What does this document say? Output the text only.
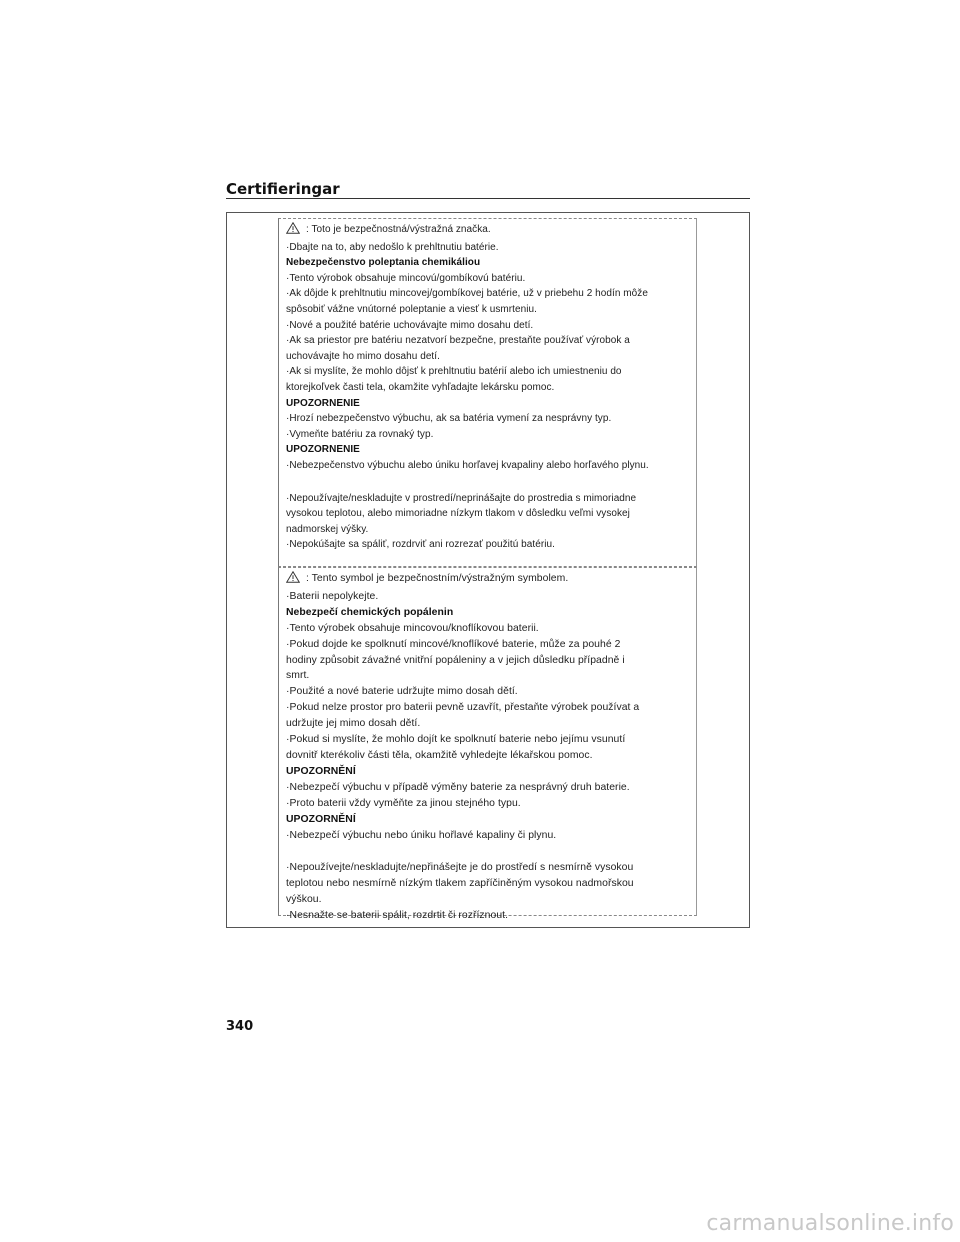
Certifieringar
: Toto je bezpečnostná/výstražná značka.
·Dbajte na to, aby nedošlo k prehltnutiu batérie.
Nebezpečenstvo poleptania chemikáliou
·Tento výrobok obsahuje mincovú/gombíkovú batériu.
·Ak dôjde k prehltnutiu mincovej/gombíkovej batérie, už v priebehu 2 hodín môže
spôsobiť vážne vnútorné poleptanie a viesť k usmrteniu.
·Nové a použité batérie uchovávajte mimo dosahu detí.
·Ak sa priestor pre batériu nezatvorí bezpečne, prestaňte používať výrobok a
uchovávajte ho mimo dosahu detí.
·Ak si myslíte, že mohlo dôjsť k prehltnutiu batérií alebo ich umiestneniu do
ktorejkoľvek časti tela, okamžite vyhľadajte lekársku pomoc.
UPOZORNENIE
·Hrozí nebezpečenstvo výbuchu, ak sa batéria vymení za nesprávny typ.
·Vymeňte batériu za rovnaký typ.
UPOZORNENIE
·Nebezpečenstvo výbuchu alebo úniku horľavej kvapaliny alebo horľavého plynu.
·Nepoužívajte/neskladujte v prostredí/neprinášajte do prostredia s mimoriadne
vysokou teplotou, alebo mimoriadne nízkym tlakom v dôsledku veľmi vysokej
nadmorskej výšky.
·Nepokúšajte sa spáliť, rozdrviť ani rozrezať použitú batériu.
: Tento symbol je bezpečnostním/výstražným symbolem.
·Baterii nepolykejte.
Nebezpečí chemických popálenin
·Tento výrobek obsahuje mincovou/knoflíkovou baterii.
·Pokud dojde ke spolknutí mincové/knoflíkové baterie, může za pouhé 2
hodiny způsobit závažné vnitřní popáleniny a v jejich důsledku případně i
smrt.
·Použité a nové baterie udržujte mimo dosah dětí.
·Pokud nelze prostor pro baterii pevně uzavřít, přestaňte výrobek používat a
udržujte jej mimo dosah dětí.
·Pokud si myslíte, že mohlo dojít ke spolknutí baterie nebo jejímu vsunutí
dovnitř kterékoliv části těla, okamžitě vyhledejte lékařskou pomoc.
UPOZORNĚNÍ
·Nebezpečí výbuchu v případě výměny baterie za nesprávný druh baterie.
·Proto baterii vždy vyměňte za jinou stejného typu.
UPOZORNĚNÍ
·Nebezpečí výbuchu nebo úniku hořlavé kapaliny či plynu.
·Nepoužívejte/neskladujte/nepřinášejte je do prostředí s nesmírně vysokou
teplotou nebo nesmírně nízkým tlakem zapříčiněným vysokou nadmořskou
výškou.
·Nesnažte se baterii spálit, rozdrtit či rozříznout.
340
carmanualsonline.info
